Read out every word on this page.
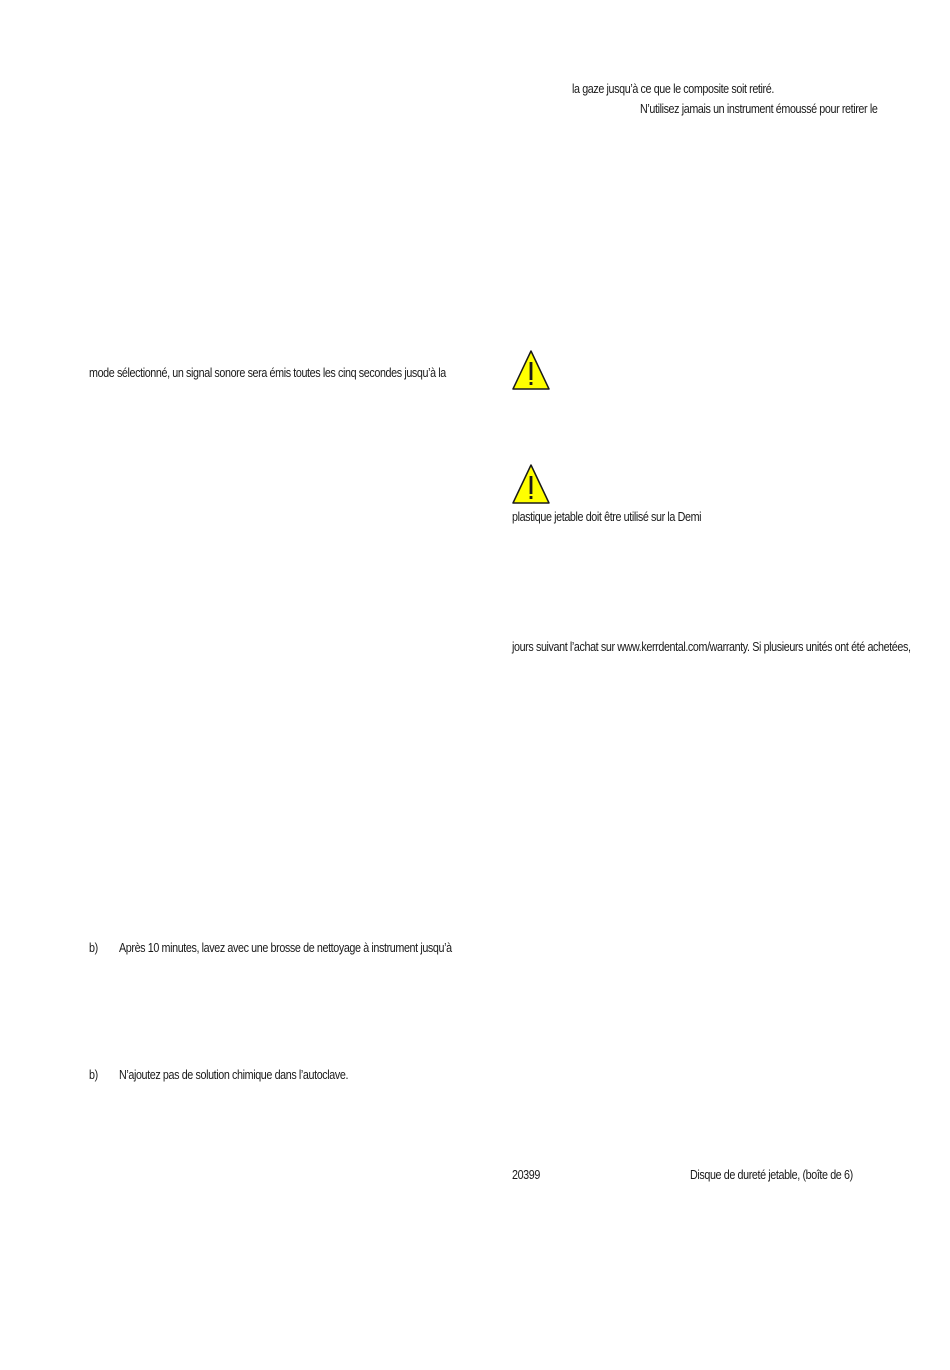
la gaze jusqu’à ce que le composite soit retiré.
N’utilisez jamais un instrument émoussé pour retirer le
mode sélectionné, un signal sonore sera émis toutes les cinq secondes jusqu’à la
plastique jetable doit être utilisé sur la Demi
jours suivant l’achat sur www.kerrdental.com/warranty. Si plusieurs unités ont été achetées,
b) Après 10 minutes, lavez avec une brosse de nettoyage à instrument jusqu’à
b) N’ajoutez pas de solution chimique dans l’autoclave.
20399	Disque de dureté jetable, (boîte de 6)
